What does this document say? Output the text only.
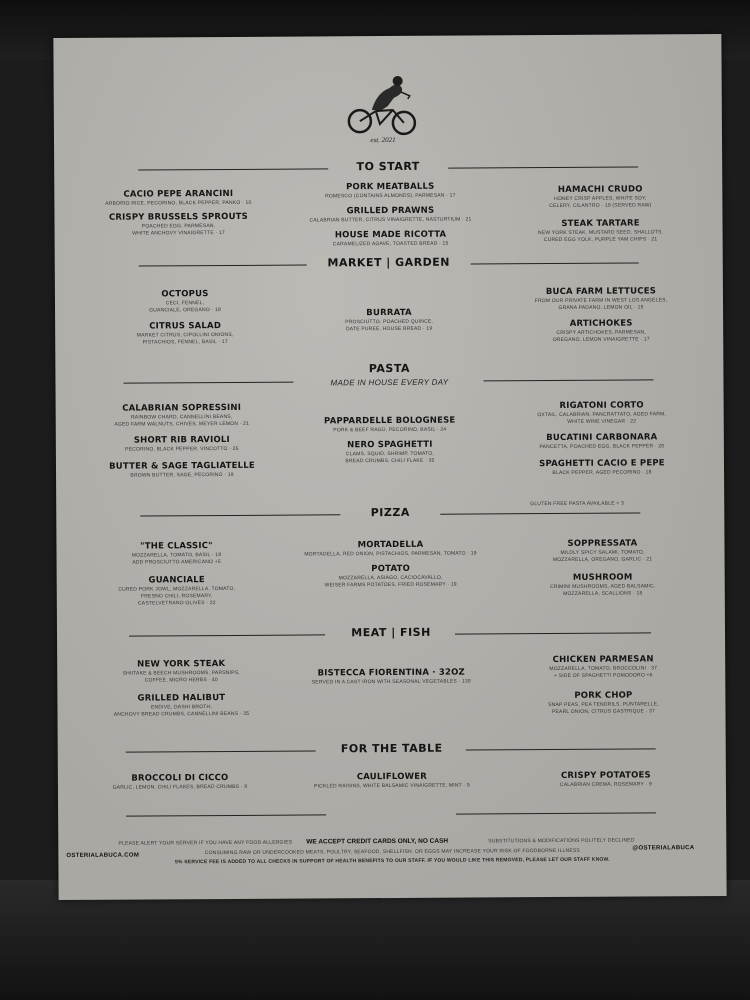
est. 2021
TO START
CACIO PEPE ARANCINI
ARBORIO RICE, PECORINO, BLACK PEPPER, PANKO · 10
CRISPY BRUSSELS SPROUTS
POACHED EGG, PARMESAN,
WHITE ANCHOVY VINAIGRETTE · 17
PORK MEATBALLS
ROMESCO (CONTAINS ALMONDS), PARMESAN · 17
GRILLED PRAWNS
CALABRIAN BUTTER, CITRUS VINAIGRETTE, NASTURTIUM · 21
HOUSE MADE RICOTTA
CARAMELIZED AGAVE, TOASTED BREAD · 15
HAMACHI CRUDO
HONEY CRISP APPLES, WHITE SOY,
CELERY, CILANTRO · 19 (SERVED RAW)
STEAK TARTARE
NEW YORK STEAK, MUSTARD SEED, SHALLOTS,
CURED EGG YOLK, PURPLE YAM CHIPS · 21
MARKET | GARDEN
OCTOPUS
CECI, FENNEL,
GUANCIALE, OREGANO · 18
CITRUS SALAD
MARKET CITRUS, CIPOLLINI ONIONS,
PISTACHIOS, FENNEL, BASIL · 17
BURRATA
PROSCIUTTO, POACHED QUINCE,
DATE PUREE, HOUSE BREAD · 19
BUCA FARM LETTUCES
FROM OUR PRIVATE FARM IN WEST LOS ANGELES,
GRANA PADANO, LEMON OIL · 15
ARTICHOKES
CRISPY ARTICHOKES, PARMESAN,
OREGANO, LEMON VINAIGRETTE · 17
PASTA
MADE IN HOUSE EVERY DAY
CALABRIAN SOPRESSINI
RAINBOW CHARD, CANNELLINI BEANS,
AGED FARM WALNUTS, CHIVES, MEYER LEMON · 21
SHORT RIB RAVIOLI
PECORINO, BLACK PEPPER, VINCOTTO · 25
BUTTER & SAGE TAGLIATELLE
BROWN BUTTER, SAGE, PECORINO · 19
PAPPARDELLE BOLOGNESE
PORK & BEEF RAGÚ, PECORINO, BASIL · 24
NERO SPAGHETTI
CLAMS, SQUID, SHRIMP, TOMATO,
BREAD CRUMBS, CHILI FLAKE · 35
RIGATONI CORTO
OXTAIL, CALABRIAN, PANCRATTATO, AGED FARM,
WHITE WINE VINEGAR · 22
BUCATINI CARBONARA
PANCETTA, POACHED EGG, BLACK PEPPER · 20
SPAGHETTI CACIO E PEPE
BLACK PEPPER, AGED PECORINO · 18
GLUTEN FREE PASTA AVAILABLE + 3
PIZZA
"THE CLASSIC"
MOZZARELLA, TOMATO, BASIL · 18
ADD PROSCIUTTO AMERICANO +5
GUANCIALE
CURED PORK JOWL, MOZZARELLA, TOMATO,
FRESNO CHILI, ROSEMARY,
CASTELVETRANO OLIVES · 22
MORTADELLA
MORTADELLA, RED ONION, PISTACHIOS, PARMESAN, TOMATO · 19
POTATO
MOZZARELLA, ASIAGO, CACIOCAVALLO,
WEISER FARMS POTATOES, FRIED ROSEMARY · 19
SOPPRESSATA
MILDLY SPICY SALAMI, TOMATO,
MOZZARELLA, OREGANO, GARLIC · 21
MUSHROOM
CRIMINI MUSHROOMS, AGED BALSAMIC,
MOZZARELLA, SCALLIONS · 18
MEAT | FISH
NEW YORK STEAK
SHIITAKE & BEECH MUSHROOMS, PARSNIPS,
COFFEE, MICRO HERBS · 40
GRILLED HALIBUT
ENDIVE, DASHI BROTH,
ANCHOVY BREAD CRUMBS, CANNELLINI BEANS · 35
BISTECCA FIORENTINA · 32OZ
SERVED IN A CAST IRON WITH SEASONAL VEGETABLES · 139
CHICKEN PARMESAN
MOZZARELLA, TOMATO, BROCCOLINI · 37
+ SIDE OF SPAGHETTI POMODORO +6
PORK CHOP
SNAP PEAS, PEA TENDRILS, PUNTARELLE,
PEARL ONION, CITRUS GASTRIQUE · 37
FOR THE TABLE
BROCCOLI DI CICCO
GARLIC, LEMON, CHILI FLAKES, BREAD CRUMBS · 9
CAULIFLOWER
PICKLED RAISINS, WHITE BALSAMIC VINAIGRETTE, MINT · 9
CRISPY POTATOES
CALABRIAN CREMA, ROSEMARY · 9
PLEASE ALERT YOUR SERVER IF YOU HAVE ANY FOOD ALLERGIES WE ACCEPT CREDIT CARDS ONLY, NO CASH	SUBSTITUTIONS & MODIFICATIONS POLITELY DECLINED
CONSUMING RAW OR UNDERCOOKED MEATS, POULTRY, SEAFOOD, SHELLFISH, OR EGGS MAY INCREASE YOUR RISK OF FOODBORNE ILLNESS
OSTERIALABUCA.COM
@OSTERIALABUCA
5% SERVICE FEE IS ADDED TO ALL CHECKS IN SUPPORT OF HEALTH BENEFITS TO OUR STAFF. IF YOU WOULD LIKE THIS REMOVED, PLEASE LET OUR STAFF KNOW.
